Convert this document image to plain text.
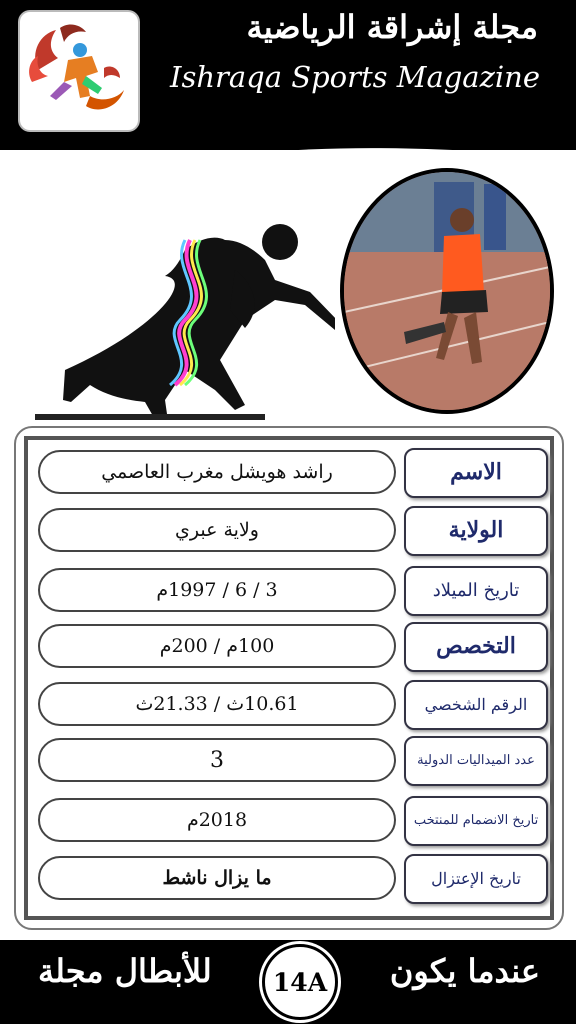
مجلة إشراقة الرياضية
Ishraqa Sports Magazine
راشد هويشل مغرب العاصمي	الاسم
ولاية عبري	الولاية
3 / 6 / 1997م	تاريخ الميلاد
100م / 200م	التخصص
10.61ث / 21.33ث	الرقم الشخصي
3	عدد الميداليات الدولية
2018م	تاريخ الانضمام للمنتخب
ما يزال ناشط	تاريخ الإعتزال
عندما يكون
للأبطال مجلة	14A
